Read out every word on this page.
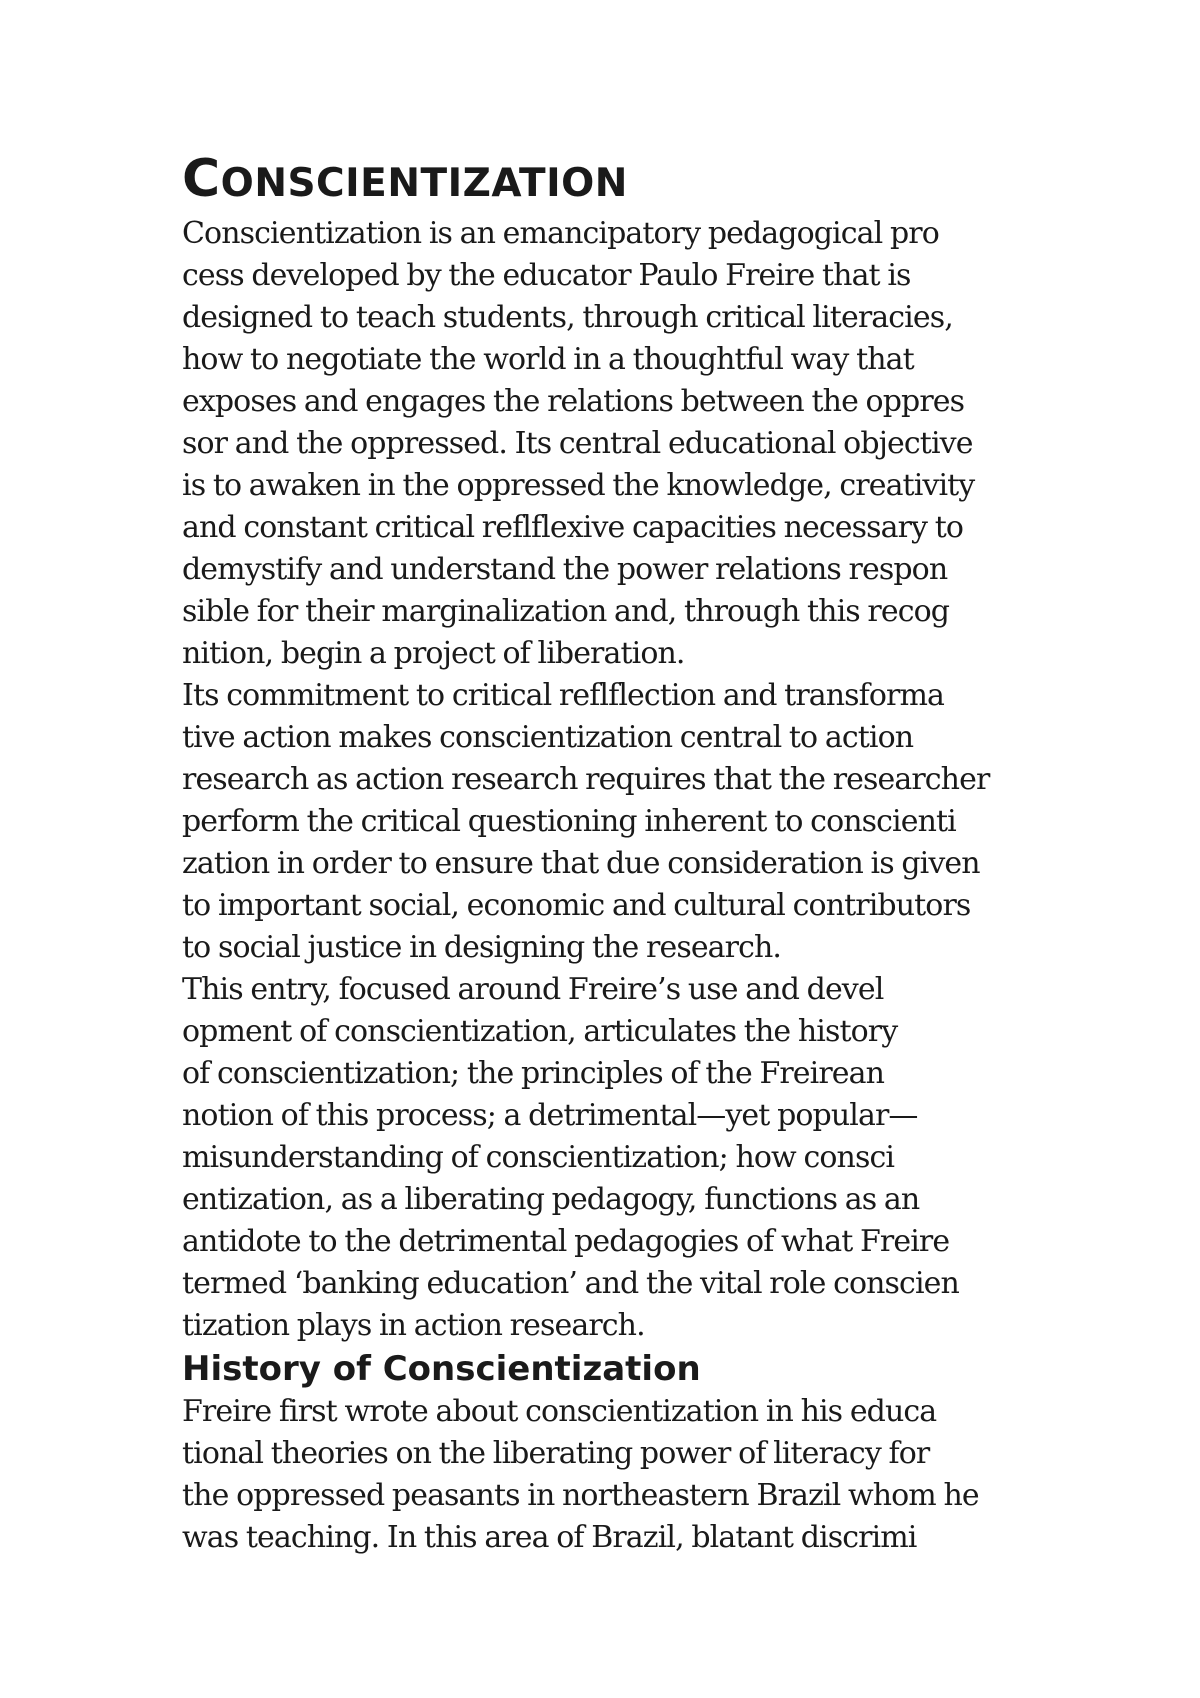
CONSCIENTIZATION
Conscientization is an emancipatory pedagogical pro
cess developed by the educator Paulo Freire that is
designed to teach students, through critical literacies,
how to negotiate the world in a thoughtful way that
exposes and engages the relations between the oppres
sor and the oppressed. Its central educational objective
is to awaken in the oppressed the knowledge, creativity
and constant critical reflflexive capacities necessary to
demystify and understand the power relations respon
sible for their marginalization and, through this recog
nition, begin a project of liberation.
Its commitment to critical reflflection and transforma
tive action makes conscientization central to action
research as action research requires that the researcher
perform the critical questioning inherent to conscienti
zation in order to ensure that due consideration is given
to important social, economic and cultural contributors
to social justice in designing the research.
This entry, focused around Freire’s use and devel
opment of conscientization, articulates the history
of conscientization; the principles of the Freirean
notion of this process; a detrimental—yet popular—
misunderstanding of conscientization; how consci
entization, as a liberating pedagogy, functions as an
antidote to the detrimental pedagogies of what Freire
termed ‘banking education’ and the vital role conscien
tization plays in action research.
History of Conscientization
Freire first wrote about conscientization in his educa
tional theories on the liberating power of literacy for
the oppressed peasants in northeastern Brazil whom he
was teaching. In this area of Brazil, blatant discrimi
